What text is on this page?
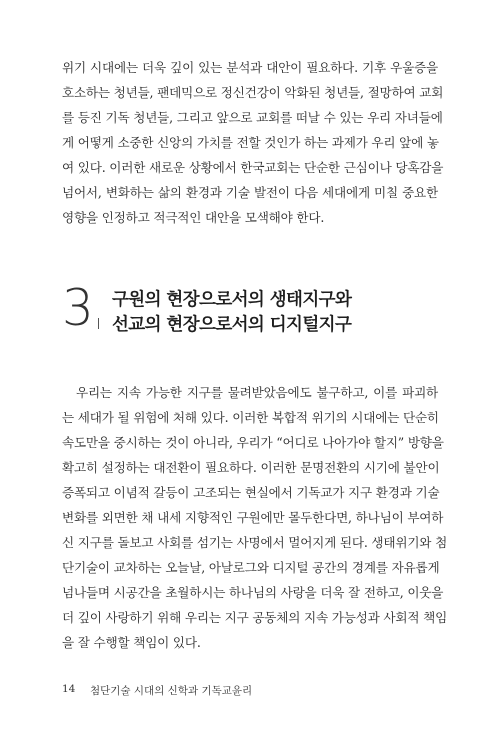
위기 시대에는 더욱 깊이 있는 분석과 대안이 필요하다. 기후 우울증을
호소하는 청년들, 팬데믹으로 정신건강이 악화된 청년들, 절망하여 교회
를 등진 기독 청년들, 그리고 앞으로 교회를 떠날 수 있는 우리 자녀들에
게 어떻게 소중한 신앙의 가치를 전할 것인가 하는 과제가 우리 앞에 놓
여 있다. 이러한 새로운 상황에서 한국교회는 단순한 근심이나 당혹감을
넘어서, 변화하는 삶의 환경과 기술 발전이 다음 세대에게 미칠 중요한
영향을 인정하고 적극적인 대안을 모색해야 한다.
3 구원의 현장으로서의 생태지구와
선교의 현장으로서의 디지털지구
우리는 지속 가능한 지구를 물려받았음에도 불구하고, 이를 파괴하
는 세대가 될 위험에 처해 있다. 이러한 복합적 위기의 시대에는 단순히
속도만을 중시하는 것이 아니라, 우리가 “어디로 나아가야 할지” 방향을
확고히 설정하는 대전환이 필요하다. 이러한 문명전환의 시기에 불안이
증폭되고 이념적 갈등이 고조되는 현실에서 기독교가 지구 환경과 기술
변화를 외면한 채 내세 지향적인 구원에만 몰두한다면, 하나님이 부여하
신 지구를 돌보고 사회를 섬기는 사명에서 멀어지게 된다. 생태위기와 첨
단기술이 교차하는 오늘날, 아날로그와 디지털 공간의 경계를 자유롭게
넘나들며 시공간을 초월하시는 하나님의 사랑을 더욱 잘 전하고, 이웃을
더 깊이 사랑하기 위해 우리는 지구 공동체의 지속 가능성과 사회적 책임
을 잘 수행할 책임이 있다.
14 첨단기술 시대의 신학과 기독교윤리
